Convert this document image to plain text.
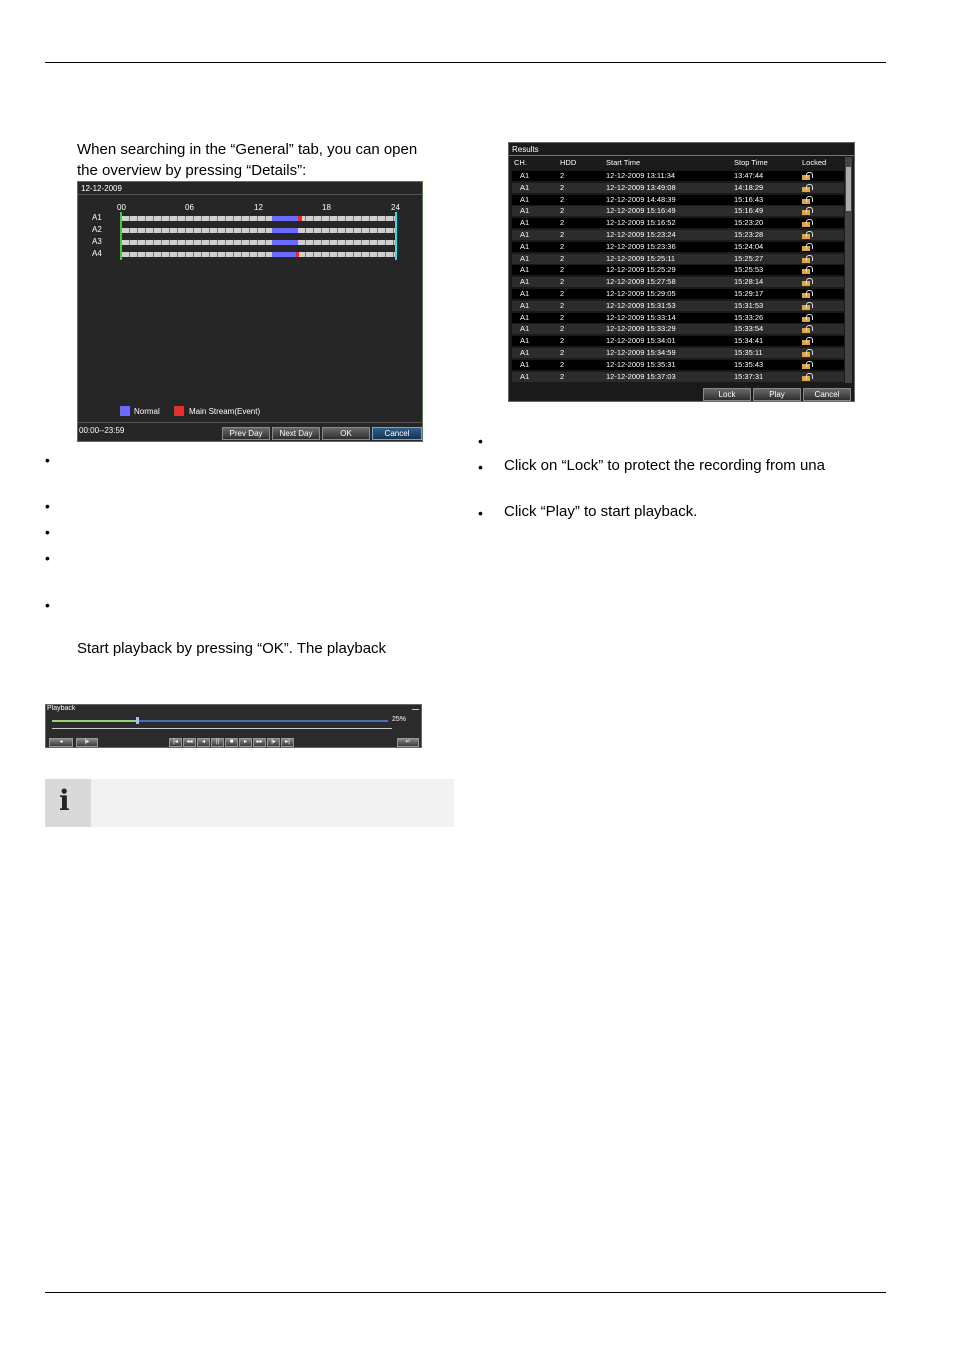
When searching in the “General” tab, you can open
the overview by pressing “Details”:
12-12-2009
00	06	12	18	24
A1
A2
A3
A4
Normal	Main Stream(Event)
00:00--23:59	Prev Day	Next Day	OK	Cancel
•
•
•
•
•
Start playback by pressing “OK”. The playback
Playback
25%
◂	|▸	|◂	◂◂	◂	||	■	▸	▸▸	|▸	▸|	↵
i
Results
CH.	HDD	Start Time	Stop Time	Locked
A1	2	12-12-2009 13:11:34	13:47:44
A1	2	12-12-2009 13:49:08	14:18:29
A1	2	12-12-2009 14:48:39	15:16:43
A1	2	12-12-2009 15:16:49	15:16:49
A1	2	12-12-2009 15:16:52	15:23:20
A1	2	12-12-2009 15:23:24	15:23:28
A1	2	12-12-2009 15:23:36	15:24:04
A1	2	12-12-2009 15:25:11	15:25:27
A1	2	12-12-2009 15:25:29	15:25:53
A1	2	12-12-2009 15:27:58	15:28:14
A1	2	12-12-2009 15:29:05	15:29:17
A1	2	12-12-2009 15:31:53	15:31:53
A1	2	12-12-2009 15:33:14	15:33:26
A1	2	12-12-2009 15:33:29	15:33:54
A1	2	12-12-2009 15:34:01	15:34:41
A1	2	12-12-2009 15:34:59	15:35:11
A1	2	12-12-2009 15:35:31	15:35:43
A1	2	12-12-2009 15:37:03	15:37:31
Lock	Play	Cancel
•
• Click on “Lock” to protect the recording from una
• Click “Play” to start playback.
